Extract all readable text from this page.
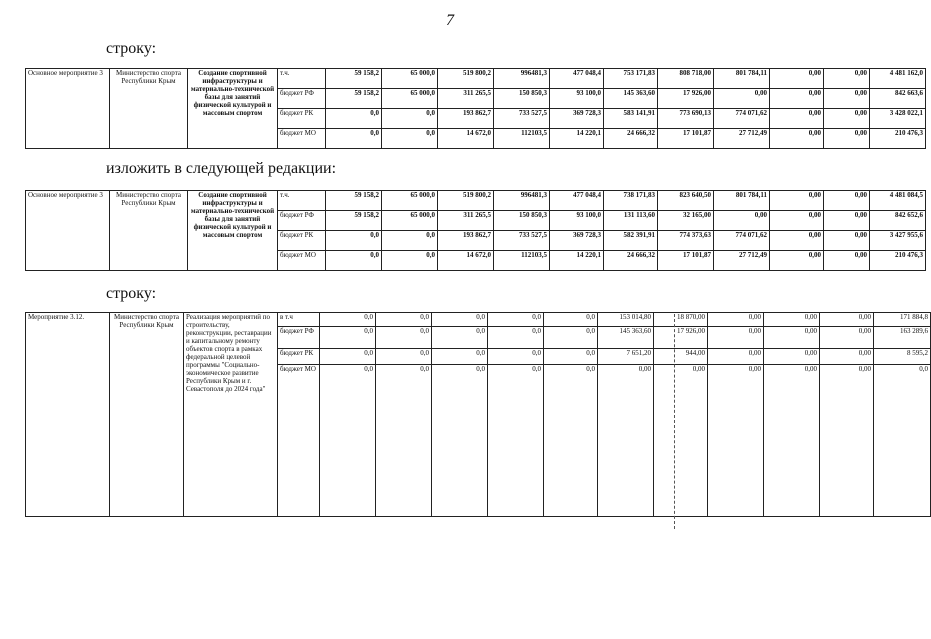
7
строку:
Основное мероприятие 3	Министерство спорта Республики Крым	Создание спортивной инфраструктуры и материально-технической базы для занятий физической культурой и массовым спортом	т.ч.	59 158,2	65 000,0	519 800,2	996481,3	477 048,4	753 171,83	808 718,00	801 784,11	0,00	0,00	4 481 162,0
			бюджет РФ	59 158,2	65 000,0	311 265,5	150 850,3	93 100,0	145 363,60	17 926,00	0,00	0,00	0,00	842 663,6
			бюджет РК	0,0	0,0	193 862,7	733 527,5	369 728,3	583 141,91	773 690,13	774 071,62	0,00	0,00	3 428 022,1
			бюджет МО	0,0	0,0	14 672,0	112103,5	14 220,1	24 666,32	17 101,87	27 712,49	0,00	0,00	210 476,3
изложить в следующей редакции:
Основное мероприятие 3	Министерство спорта Республики Крым	Создание спортивной инфраструктуры и материально-технической базы для занятий физической культурой и массовым спортом	т.ч.	59 158,2	65 000,0	519 800,2	996481,3	477 048,4	738 171,83	823 640,50	801 784,11	0,00	0,00	4 481 084,5
			бюджет РФ	59 158,2	65 000,0	311 265,5	150 850,3	93 100,0	131 113,60	32 165,00	0,00	0,00	0,00	842 652,6
			бюджет РК	0,0	0,0	193 862,7	733 527,5	369 728,3	582 391,91	774 373,63	774 071,62	0,00	0,00	3 427 955,6
			бюджет МО	0,0	0,0	14 672,0	112103,5	14 220,1	24 666,32	17 101,87	27 712,49	0,00	0,00	210 476,3
строку:
Мероприятие 3.12.	Министерство спорта Республики Крым	Реализация мероприятий по строительству, реконструкции, реставрации и капитальному ремонту объектов спорта в рамках федеральной целевой программы "Социально-экономическое развитие Республики Крым и г. Севастополя до 2024 года"	в т.ч	0,0	0,0	0,0	0,0	0,0	153 014,80	18 870,00	0,00	0,00	0,00	171 884,8
			бюджет РФ	0,0	0,0	0,0	0,0	0,0	145 363,60	17 926,00	0,00	0,00	0,00	163 289,6
			бюджет РК	0,0	0,0	0,0	0,0	0,0	7 651,20	944,00	0,00	0,00	0,00	8 595,2
			бюджет МО	0,0	0,0	0,0	0,0	0,0	0,00	0,00	0,00	0,00	0,00	0,0
